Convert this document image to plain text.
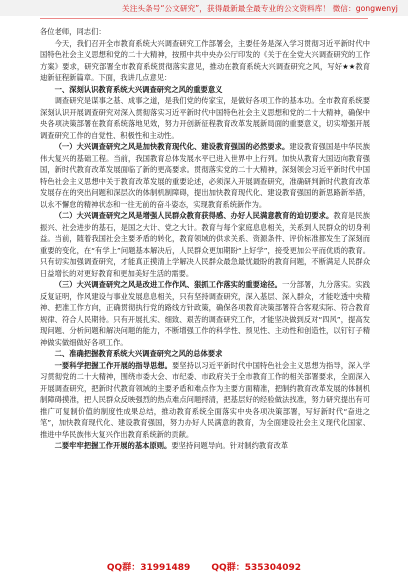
关注头条号“公文研究”，获得最新最全最专业的公文资料库！ 微信：gongwenyj

各位老师，同志们：

今天，我们召开全市教育系统大兴调查研究工作部署会，主要任务是深入学习贯彻习近平新时代中国特色社会主义思想和党的二十大精神，按照中共中央办公厅印发的《关于在全党大兴调查研究的工作方案》要求，研究部署全市教育系统贯彻落实意见，推动在教育系统大兴调查研究之风，写好★★教育迪新征程新篇章。下面，我讲几点意见：

一、深刻认识教育系统大兴调查研究之风的重要意义

调查研究是谋事之基、成事之道，是我们党的传家宝，是做好各项工作的基本功。全市教育系统要深刻认识开展调查研究对深入贯彻落实习近平新时代中国特色社会主义思想和党的二十大精神，确保中央各项决策部署在教育系统落地见效，努力开创新征程教育改革发展新局面的重要意义，切实增强开展调查研究工作的自觉性、积极性和主动性。

（一）大兴调查研究之风是加快教育现代化、建设教育强国的必然要求。建设教育强国是中华民族伟大复兴的基础工程。当前，我国教育总体发展水平已进入世界中上行列。加快从教育大国迈向教育强国，新时代教育改革发展面临了新的更高要求。贯彻落实党的二十大精神，深刻领会习近平新时代中国特色社会主义思想中关于教育改革发展的重要论述，必须深入开展调查研究，准确研判新时代教育改革发展存在的突出问题和深层次的体制机制障碍，提出加快教育现代化、建设教育强国的新思路新举措，以永不懈怠的精神状态和一往无前的奋斗姿态，实现教育系统新作为。

（二）大兴调查研究之风是增强人民群众教育获得感、办好人民满意教育的迫切要求。教育是民族振兴、社会进步的基石，是国之大计、党之大计。教育与每个家庭息息相关，关系到人民群众的切身利益。当前，随着我国社会主要矛盾的转化，教育领域的供求关系、资源条件、评价标准都发生了深刻而重要的变化，在“有学上”问题基本解决后，人民群众更加期盼“上好学”，接受更加公平而优质的教育。只有切实加强调查研究，才能真正摸清上学解决人民群众最急最忧最盼的教育问题，不断满足人民群众日益增长的对更好教育和更加美好生活的需要。

（三）大兴调查研究之风是改进工作作风、狠抓工作落实的重要途径。一分部署，九分落实。实践反复证明，作风建设与事业发展息息相关，只有坚持调查研究，深入基层、深入群众，才能吃透中央精神、把准工作方向，正确贯彻执行党的路线方针政策，确保各项教育决策部署符合客观实际、符合教育规律、符合人民期待。只有开展扎实、细致、艰苦的调查研究工作，才能坚决做到反对“四风”，提高发现问题、分析问题和解决问题的能力，不断增强工作的科学性、预见性、主动性和创造性，以钉钉子精神做实做细做好各项工作。

二、准确把握教育系统大兴调查研究之风的总体要求

一要科学把握工作开展的指导思想。要坚持以习近平新时代中国特色社会主义思想为指导，深入学习贯彻党的二十大精神，围绕市委大会、市纪委、市政府关于全市教育工作的相关部署要求，全面深入开展调查研究，把新时代教育领域的主要矛盾和难点作为主要方面精准，把制约教育改革发展的体制机制障碍摸准，把人民群众反映强烈的热点难点问题捋清，把基层好的经验做法找准，努力研究提出有可推广可复制价值的制度性成果总结，推动教育系统全面落实中央各项决策部署，写好新时代“奋进之笔”，加快教育现代化、建设教育强国，努力办好人民满意的教育，为全面建设社会主义现代化国家、推进中华民族伟大复兴作出教育系统新的贡献。

二要牢牢把握工作开展的基本原则。要坚持问题导向。针对制约教育改革

QQ群：31991489 QQ群：535304092
